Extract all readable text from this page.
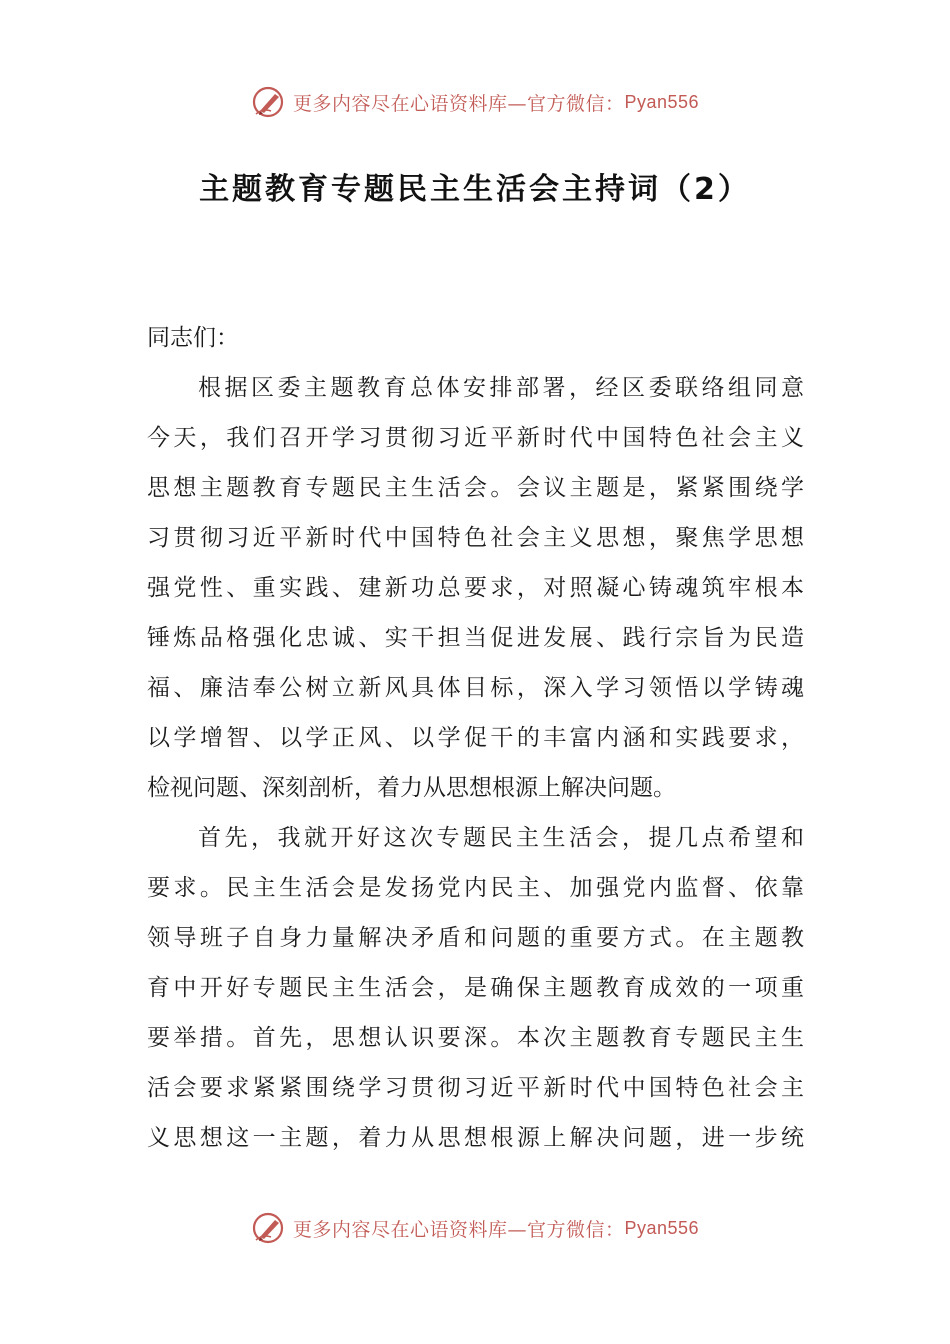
更多内容尽在心语资料库—官方微信： Pyan556
主题教育专题民主生活会主持词（2）
同志们：
根据区委主题教育总体安排部署，经区委联络组同意
今天，我们召开学习贯彻习近平新时代中国特色社会主义
思想主题教育专题民主生活会。会议主题是，紧紧围绕学
习贯彻习近平新时代中国特色社会主义思想，聚焦学思想
强党性、重实践、建新功总要求，对照凝心铸魂筑牢根本
锤炼品格强化忠诚、实干担当促进发展、践行宗旨为民造
福、廉洁奉公树立新风具体目标，深入学习领悟以学铸魂
以学增智、以学正风、以学促干的丰富内涵和实践要求，
检视问题、深刻剖析，着力从思想根源上解决问题。
首先，我就开好这次专题民主生活会，提几点希望和
要求。民主生活会是发扬党内民主、加强党内监督、依靠
领导班子自身力量解决矛盾和问题的重要方式。在主题教
育中开好专题民主生活会，是确保主题教育成效的一项重
要举措。首先，思想认识要深。本次主题教育专题民主生
活会要求紧紧围绕学习贯彻习近平新时代中国特色社会主
义思想这一主题，着力从思想根源上解决问题，进一步统
更多内容尽在心语资料库—官方微信： Pyan556
